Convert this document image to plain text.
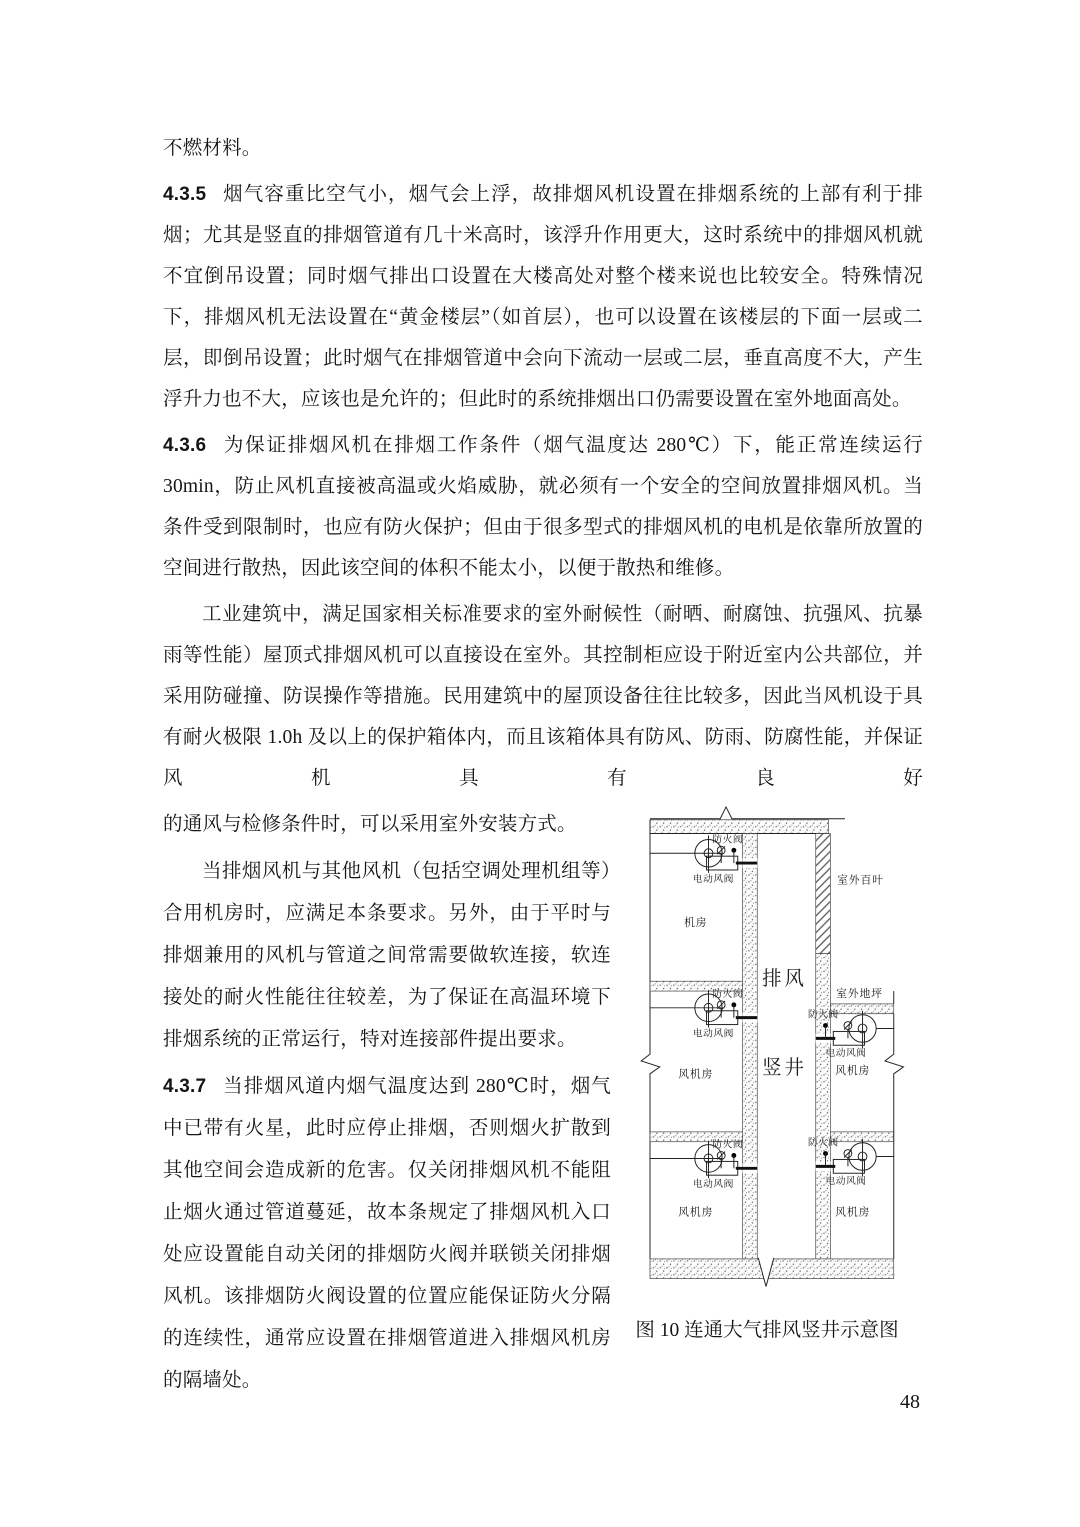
不燃材料。

4.3.5 烟气容重比空气小，烟气会上浮，故排烟风机设置在排烟系统的上部有利于排烟；尤其是竖直的排烟管道有几十米高时，该浮升作用更大，这时系统中的排烟风机就不宜倒吊设置；同时烟气排出口设置在大楼高处对整个楼来说也比较安全。特殊情况下，排烟风机无法设置在“黄金楼层”（如首层），也可以设置在该楼层的下面一层或二层，即倒吊设置；此时烟气在排烟管道中会向下流动一层或二层，垂直高度不大，产生浮升力也不大，应该也是允许的；但此时的系统排烟出口仍需要设置在室外地面高处。

4.3.6 为保证排烟风机在排烟工作条件（烟气温度达 280℃）下，能正常连续运行 30min，防止风机直接被高温或火焰威胁，就必须有一个安全的空间放置排烟风机。当条件受到限制时，也应有防火保护；但由于很多型式的排烟风机的电机是依靠所放置的空间进行散热，因此该空间的体积不能太小，以便于散热和维修。

工业建筑中，满足国家相关标准要求的室外耐候性（耐晒、耐腐蚀、抗强风、抗暴雨等性能）屋顶式排烟风机可以直接设在室外。其控制柜应设于附近室内公共部位，并采用防碰撞、防误操作等措施。民用建筑中的屋顶设备往往比较多，因此当风机设于具有耐火极限 1.0h 及以上的保护箱体内，而且该箱体具有防风、防雨、防腐性能，并保证风机具有良好

的通风与检修条件时，可以采用室外安装方式。

当排烟风机与其他风机（包括空调处理机组等）合用机房时，应满足本条要求。另外，由于平时与排烟兼用的风机与管道之间常需要做软连接，软连接处的耐火性能往往较差，为了保证在高温环境下排烟系统的正常运行，特对连接部件提出要求。

4.3.7 当排烟风道内烟气温度达到 280℃时，烟气中已带有火星，此时应停止排烟，否则烟火扩散到其他空间会造成新的危害。仅关闭排烟风机不能阻止烟火通过管道蔓延，故本条规定了排烟风机入口处应设置能自动关闭的排烟防火阀并联锁关闭排烟风机。该排烟防火阀设置的位置应能保证防火分隔的连续性，通常应设置在排烟管道进入排烟风机房的隔墙处。

防火阀
电动风阀
防火阀
电动风阀
防火阀
电动风阀
防火阀
电动风阀
防火阀
电动风阀
排风
竖井
机房
风机房
风机房
风机房
风机房
室外百叶
室外地坪
图 10 连通大气排风竖井示意图
48
